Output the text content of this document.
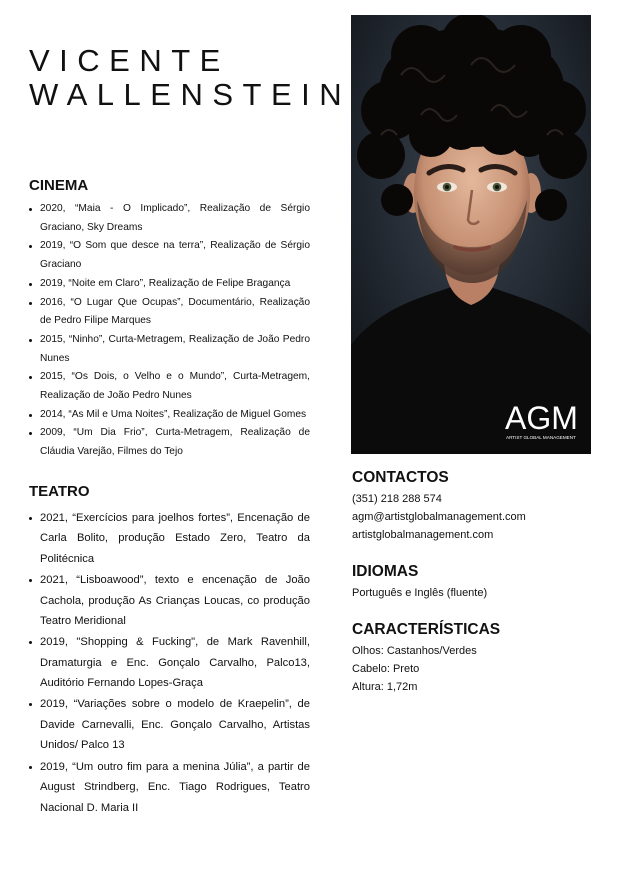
VICENTE
WALLENSTEIN
CINEMA
2020, “Maia - O Implicado”, Realização de Sérgio Graciano, Sky Dreams
2019, “O Som que desce na terra”, Realização de Sérgio Graciano
2019, “Noite em Claro”, Realização de Felipe Bragança
2016, “O Lugar Que Ocupas”, Documentário, Realização de Pedro Filipe Marques
2015, “Ninho”, Curta-Metragem, Realização de João Pedro Nunes
2015, “Os Dois, o Velho e o Mundo”, Curta-Metragem, Realização de João Pedro Nunes
2014, “As Mil e Uma Noites”, Realização de Miguel Gomes
2009, “Um Dia Frio”, Curta-Metragem, Realização de Cláudia Varejão, Filmes do Tejo
TEATRO
2021, “Exercícios para joelhos fortes”, Encenação de Carla Bolito, produção Estado Zero, Teatro da Politécnica
2021, “Lisboawood”, texto e encenação de João Cachola, produção As Crianças Loucas, co produção Teatro Meridional
2019, "Shopping & Fucking", de Mark Ravenhill, Dramaturgia e Enc. Gonçalo Carvalho, Palco13, Auditório Fernando Lopes-Graça
2019, “Variações sobre o modelo de Kraepelin”, de Davide Carnevalli, Enc. Gonçalo Carvalho, Artistas Unidos/ Palco 13
2019, “Um outro fim para a menina Júlia”, a partir de August Strindberg, Enc. Tiago Rodrigues, Teatro Nacional D. Maria II
AGM
ARTIST GLOBAL MANAGEMENT
CONTACTOS
(351) 218 288 574
agm@artistglobalmanagement.com
artistglobalmanagement.com
IDIOMAS
Português e Inglês (fluente)
CARACTERÍSTICAS
Olhos: Castanhos/Verdes
Cabelo: Preto
Altura: 1,72m
